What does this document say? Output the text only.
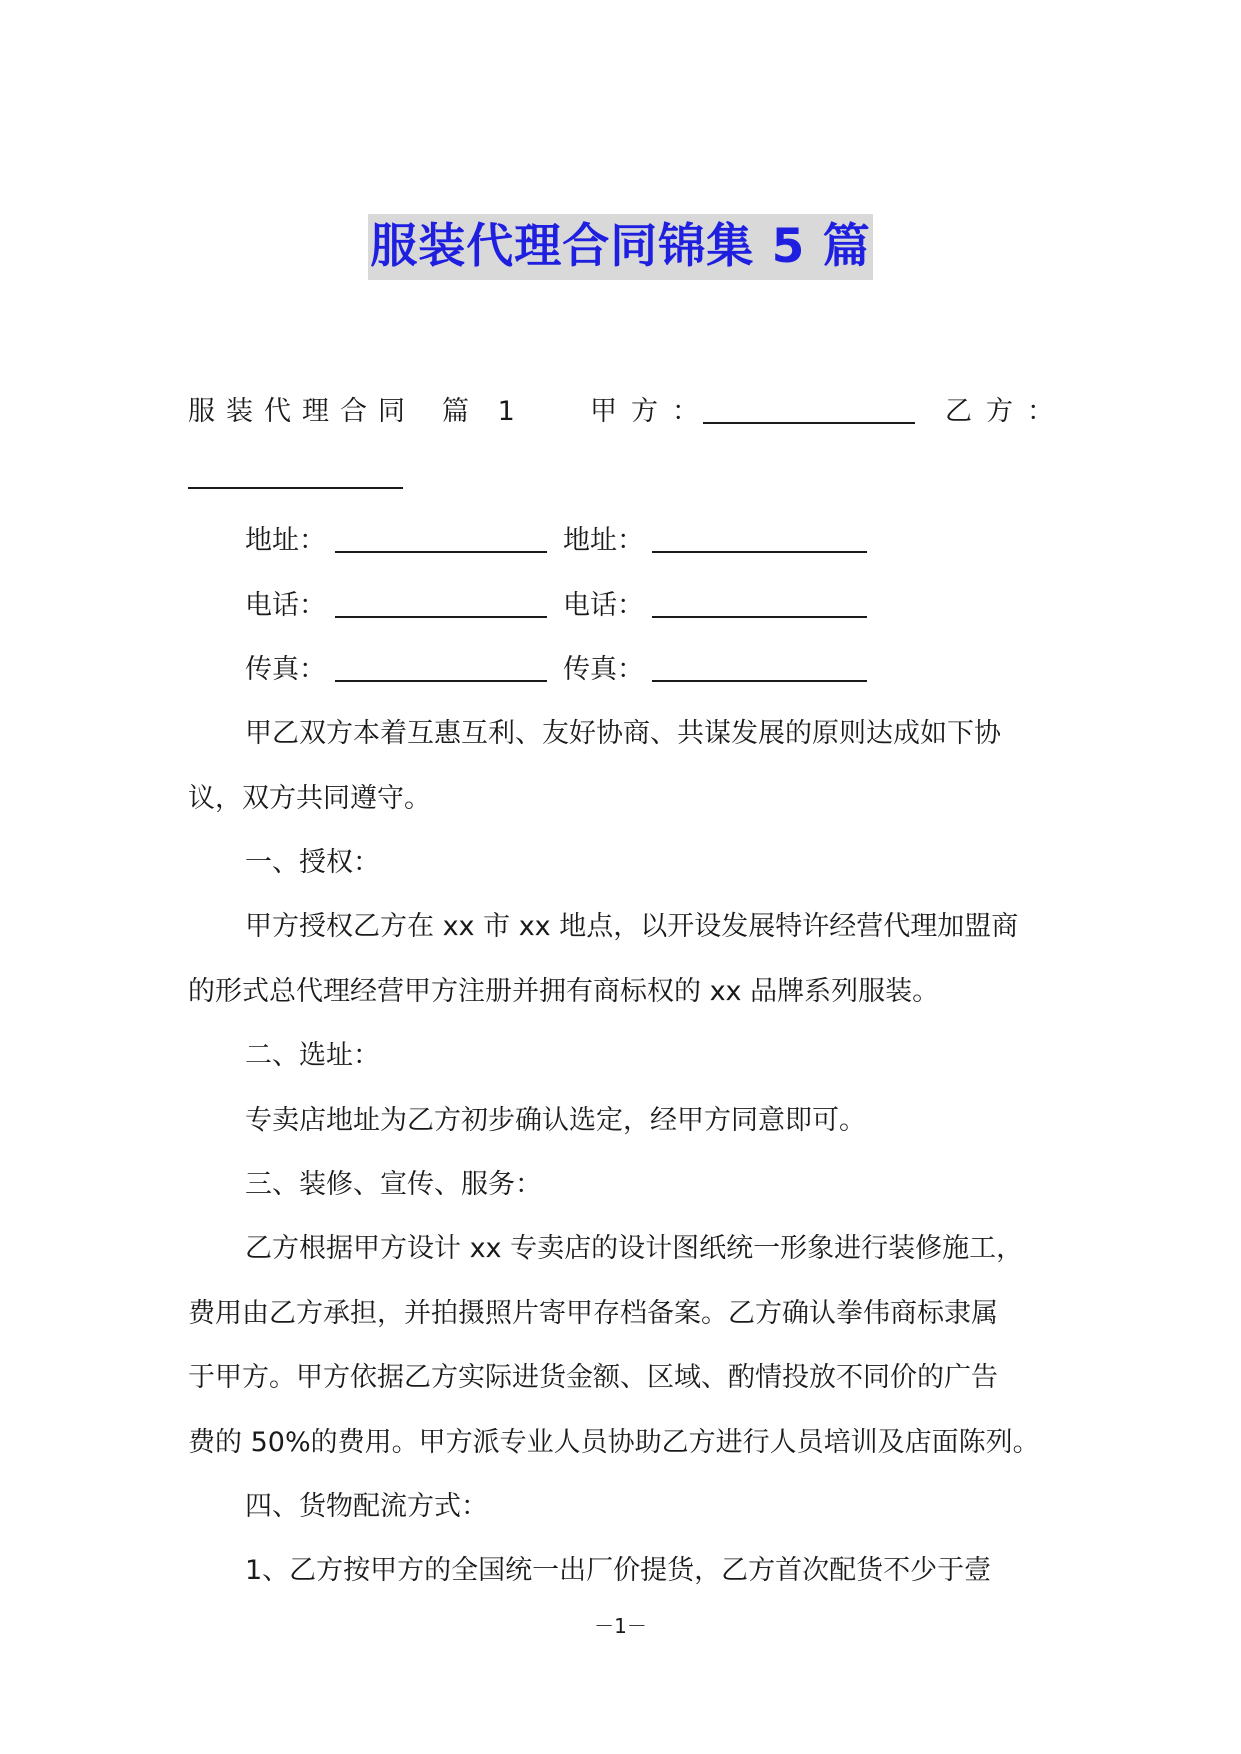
服装代理合同锦集 5 篇
服装代理合同 篇 1 甲方：	乙方：
地址：	地址：
电话：	电话：
传真：	传真：
甲乙双方本着互惠互利、友好协商、共谋发展的原则达成如下协
议，双方共同遵守。
一、授权：
甲方授权乙方在 xx 市 xx 地点，以开设发展特许经营代理加盟商
的形式总代理经营甲方注册并拥有商标权的 xx 品牌系列服装。
二、选址：
专卖店地址为乙方初步确认选定，经甲方同意即可。
三、装修、宣传、服务：
乙方根据甲方设计 xx 专卖店的设计图纸统一形象进行装修施工，
费用由乙方承担，并拍摄照片寄甲存档备案。乙方确认拳伟商标隶属
于甲方。甲方依据乙方实际进货金额、区域、酌情投放不同价的广告
费的 50%的费用。甲方派专业人员协助乙方进行人员培训及店面陈列。
四、货物配流方式：
1、乙方按甲方的全国统一出厂价提货，乙方首次配货不少于壹
－1－
